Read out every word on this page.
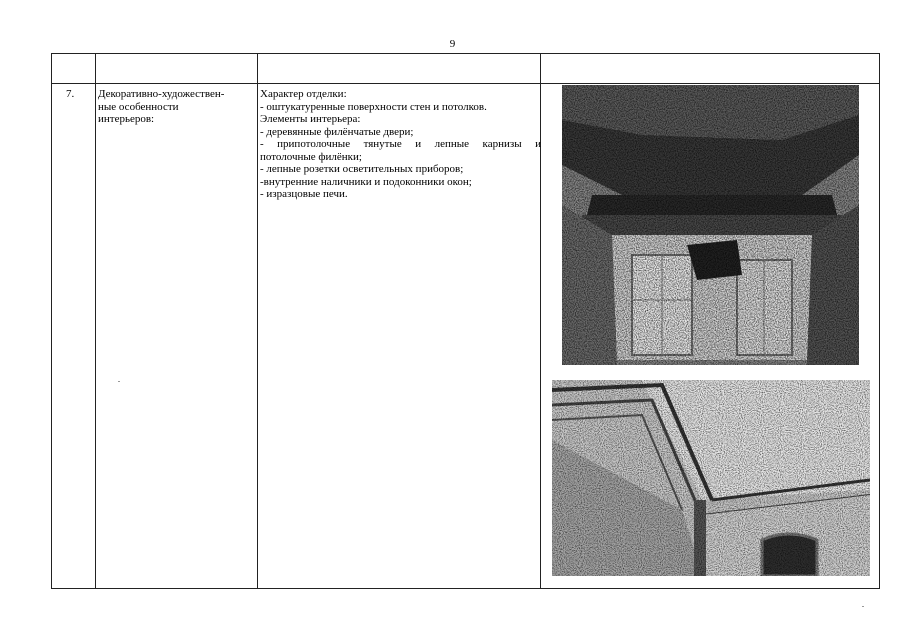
9
7. Декоративно-художествен-
ные особенности
интерьеров:
Характер отделки:
- оштукатуренные поверхности стен и потолков.
Элементы интерьера:
- деревянные филёнчатые двери;
- припотолочные тянутые и лепные карнизы и
потолочные филёнки;
- лепные розетки осветительных приборов;
-внутренние наличники и подоконники окон;
- изразцовые печи.
